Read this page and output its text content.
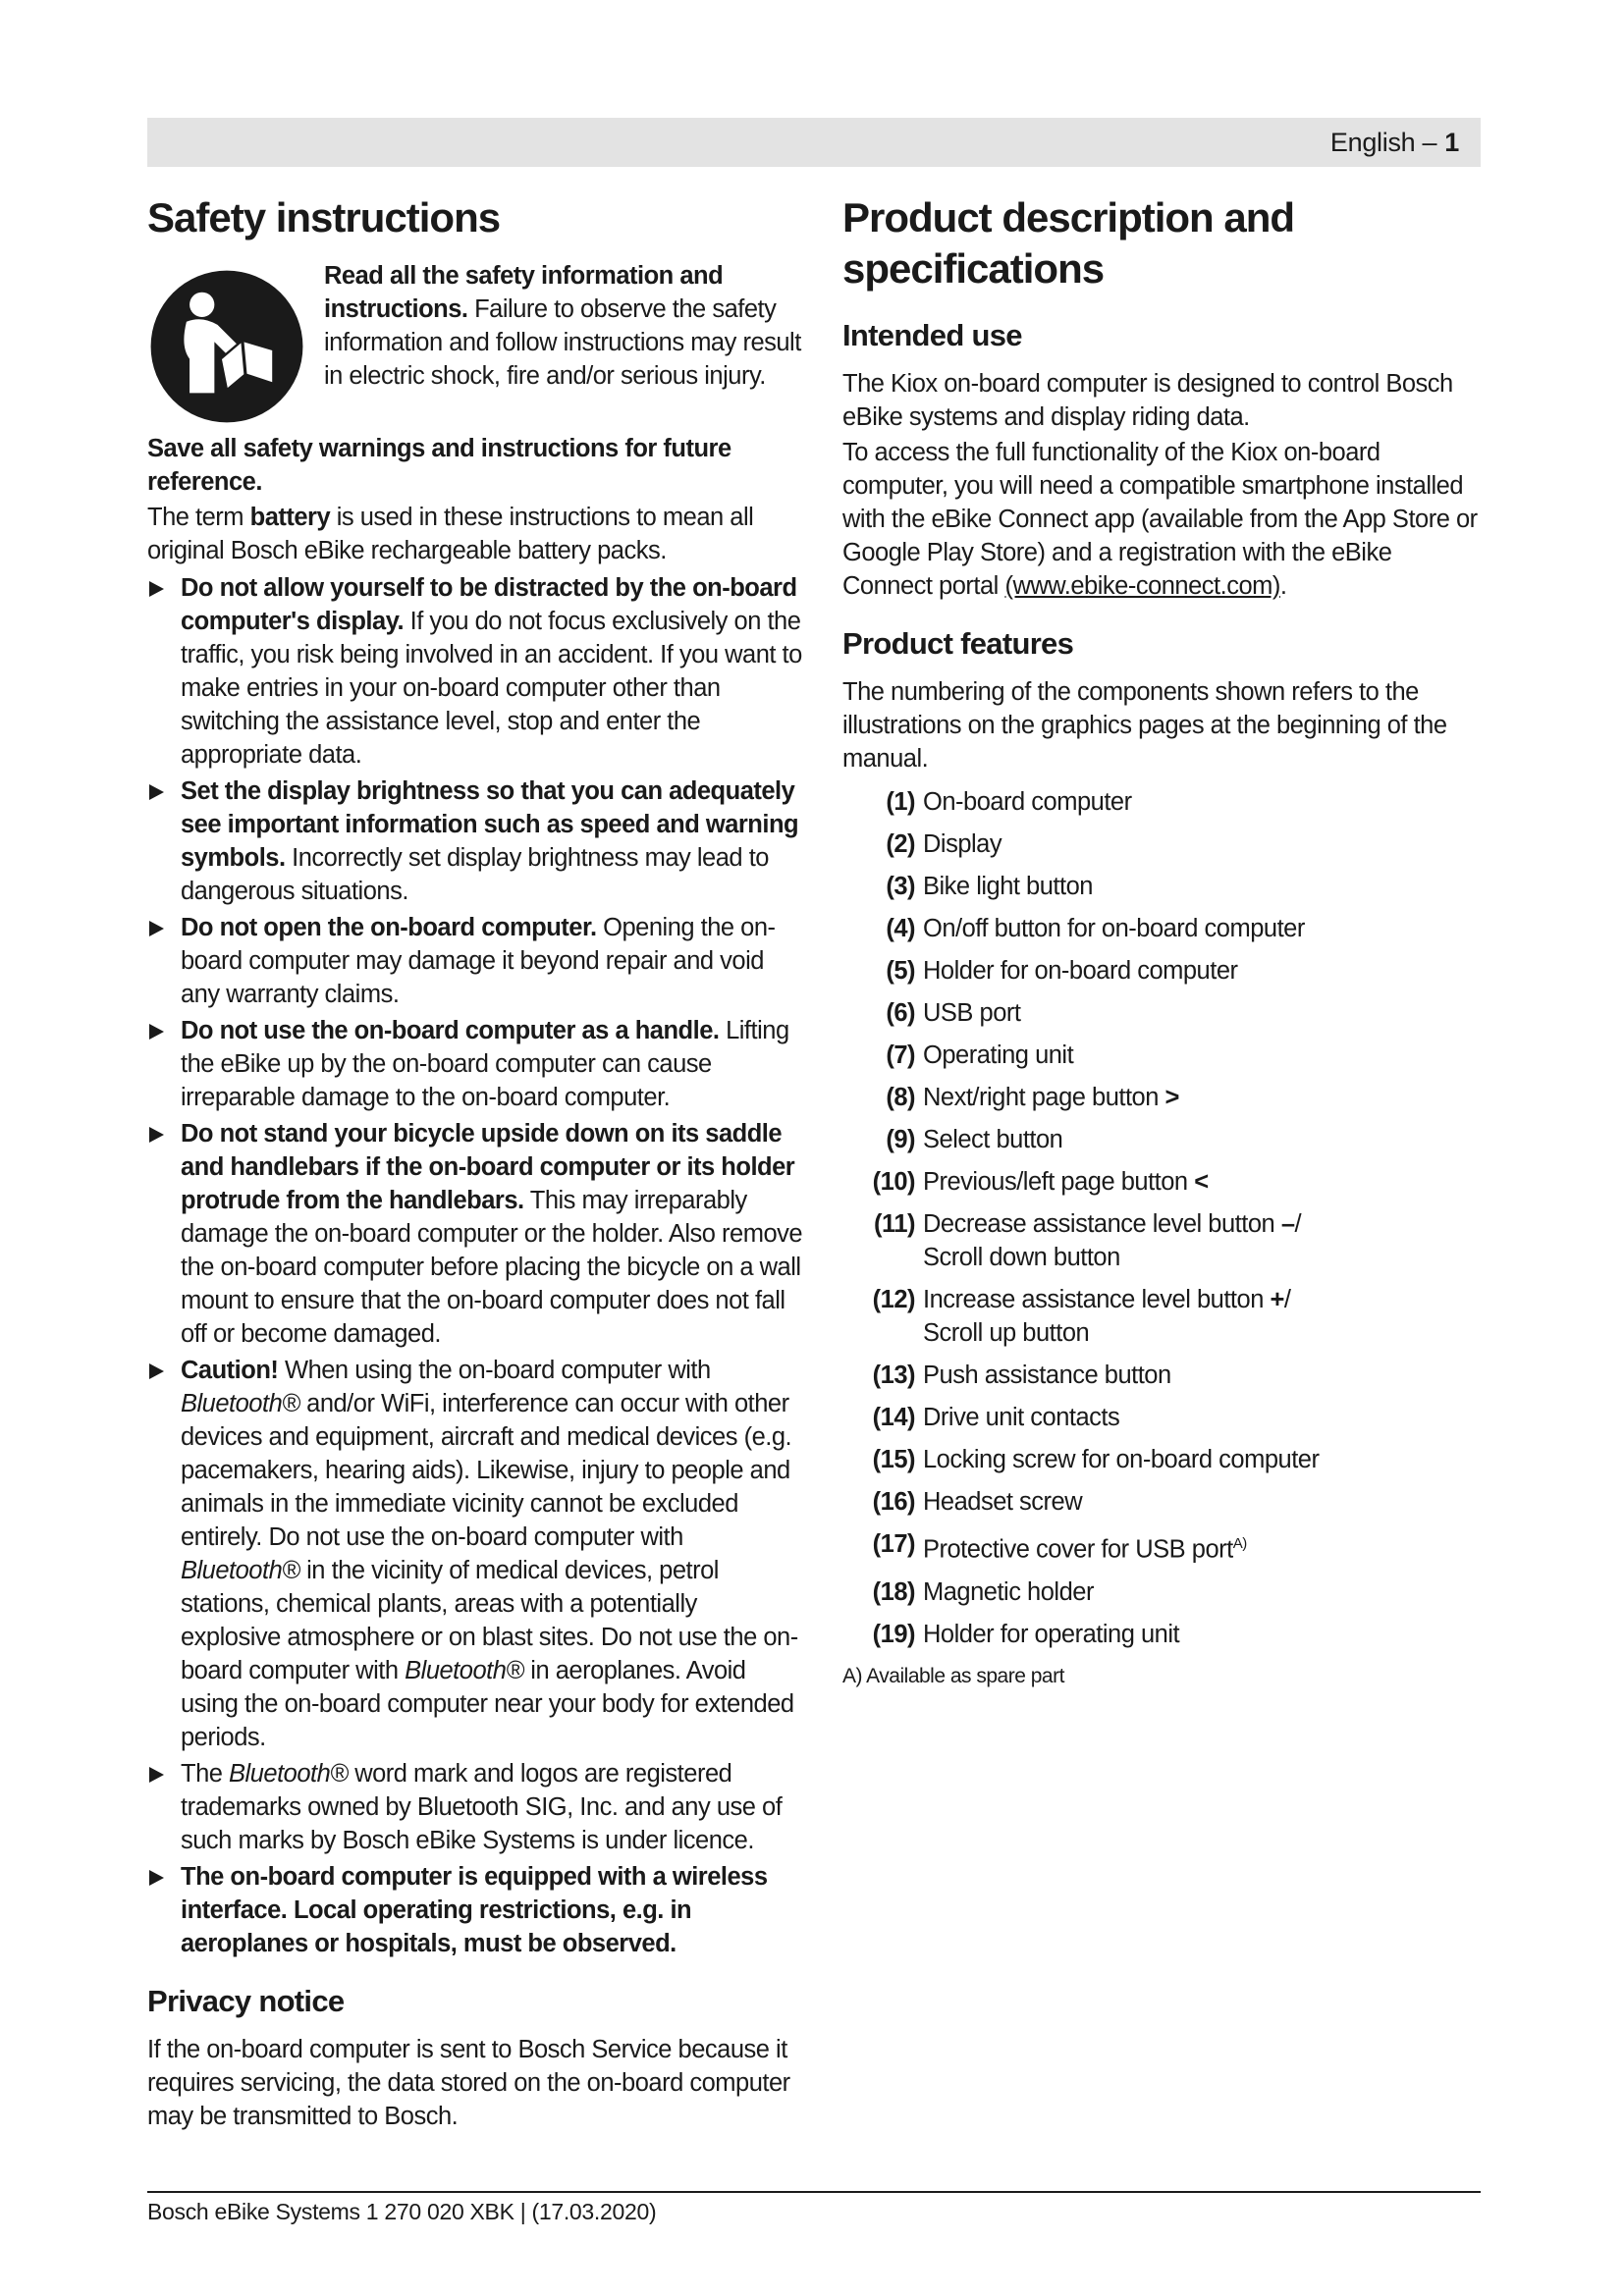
English – 1
Safety instructions
Read all the safety information and instructions. Failure to observe the safety information and follow instructions may result in electric shock, fire and/or serious injury.

Save all safety warnings and instructions for future reference.

The term battery is used in these instructions to mean all original Bosch eBike rechargeable battery packs.

Do not allow yourself to be distracted by the on-board computer's display. If you do not focus exclusively on the traffic, you risk being involved in an accident. If you want to make entries in your on-board computer other than switching the assistance level, stop and enter the appropriate data.
Set the display brightness so that you can adequately see important information such as speed and warning symbols. Incorrectly set display brightness may lead to dangerous situations.
Do not open the on-board computer. Opening the on-board computer may damage it beyond repair and void any warranty claims.
Do not use the on-board computer as a handle. Lifting the eBike up by the on-board computer can cause irreparable damage to the on-board computer.
Do not stand your bicycle upside down on its saddle and handlebars if the on-board computer or its holder protrude from the handlebars. This may irreparably damage the on-board computer or the holder. Also remove the on-board computer before placing the bicycle on a wall mount to ensure that the on-board computer does not fall off or become damaged.
Caution! When using the on-board computer with Bluetooth® and/or WiFi, interference can occur with other devices and equipment, aircraft and medical devices (e.g. pacemakers, hearing aids). Likewise, injury to people and animals in the immediate vicinity cannot be excluded entirely. Do not use the on-board computer with Bluetooth® in the vicinity of medical devices, petrol stations, chemical plants, areas with a potentially explosive atmosphere or on blast sites. Do not use the on-board computer with Bluetooth® in aeroplanes. Avoid using the on-board computer near your body for extended periods.
The Bluetooth® word mark and logos are registered trademarks owned by Bluetooth SIG, Inc. and any use of such marks by Bosch eBike Systems is under licence.
The on-board computer is equipped with a wireless interface. Local operating restrictions, e.g. in aeroplanes or hospitals, must be observed.
Privacy notice

If the on-board computer is sent to Bosch Service because it requires servicing, the data stored on the on-board computer may be transmitted to Bosch.

Product description and specifications
Intended use

The Kiox on-board computer is designed to control Bosch eBike systems and display riding data.

To access the full functionality of the Kiox on-board computer, you will need a compatible smartphone installed with the eBike Connect app (available from the App Store or Google Play Store) and a registration with the eBike Connect portal (www.ebike-connect.com).

Product features

The numbering of the components shown refers to the illustrations on the graphics pages at the beginning of the manual.

(1) On-board computer
(2) Display
(3) Bike light button
(4) On/off button for on-board computer
(5) Holder for on-board computer
(6) USB port
(7) Operating unit
(8) Next/right page button >
(9) Select button
(10) Previous/left page button <
(11) Decrease assistance level button –/
Scroll down button
(12) Increase assistance level button +/
Scroll up button
(13) Push assistance button
(14) Drive unit contacts
(15) Locking screw for on-board computer
(16) Headset screw
(17) Protective cover for USB port$^{A)}$
(18) Magnetic holder
(19) Holder for operating unit

A) Available as spare part

Bosch eBike Systems 1 270 020 XBK | (17.03.2020)
